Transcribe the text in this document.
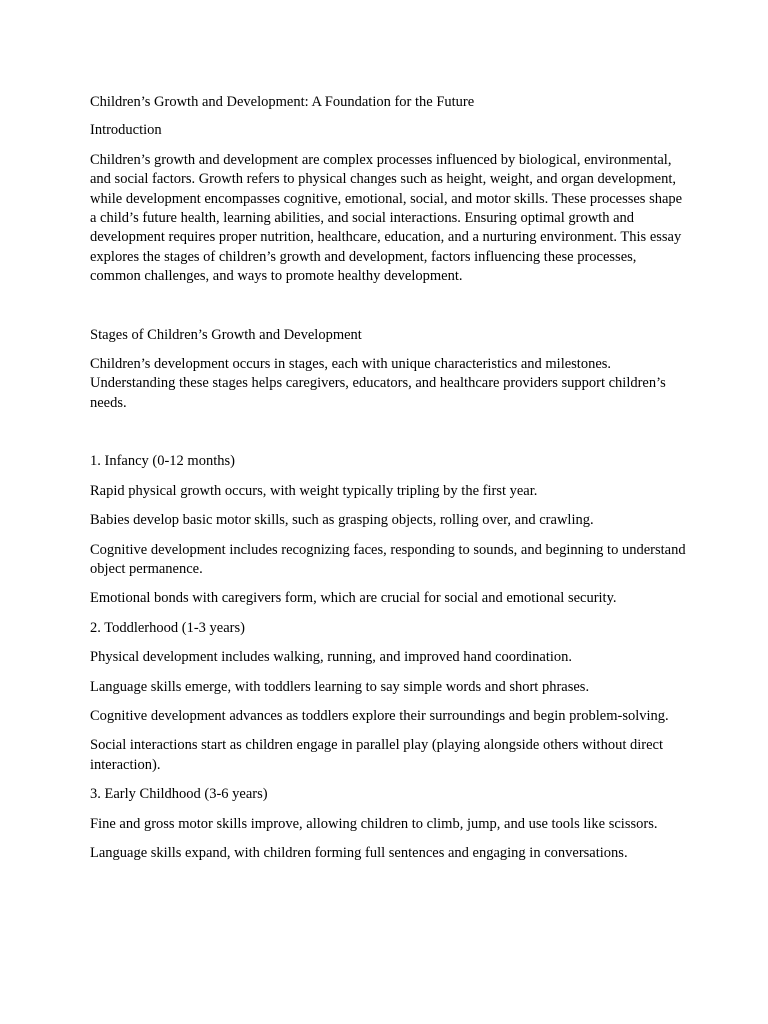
Children’s Growth and Development: A Foundation for the Future

Introduction

Children’s growth and development are complex processes influenced by biological, environmental, and social factors. Growth refers to physical changes such as height, weight, and organ development, while development encompasses cognitive, emotional, social, and motor skills. These processes shape a child’s future health, learning abilities, and social interactions. Ensuring optimal growth and development requires proper nutrition, healthcare, education, and a nurturing environment. This essay explores the stages of children’s growth and development, factors influencing these processes, common challenges, and ways to promote healthy development.

Stages of Children’s Growth and Development

Children’s development occurs in stages, each with unique characteristics and milestones. Understanding these stages helps caregivers, educators, and healthcare providers support children’s needs.

1. Infancy (0-12 months)

Rapid physical growth occurs, with weight typically tripling by the first year.

Babies develop basic motor skills, such as grasping objects, rolling over, and crawling.

Cognitive development includes recognizing faces, responding to sounds, and beginning to understand object permanence.

Emotional bonds with caregivers form, which are crucial for social and emotional security.

2. Toddlerhood (1-3 years)

Physical development includes walking, running, and improved hand coordination.

Language skills emerge, with toddlers learning to say simple words and short phrases.

Cognitive development advances as toddlers explore their surroundings and begin problem-solving.

Social interactions start as children engage in parallel play (playing alongside others without direct interaction).

3. Early Childhood (3-6 years)

Fine and gross motor skills improve, allowing children to climb, jump, and use tools like scissors.

Language skills expand, with children forming full sentences and engaging in conversations.
